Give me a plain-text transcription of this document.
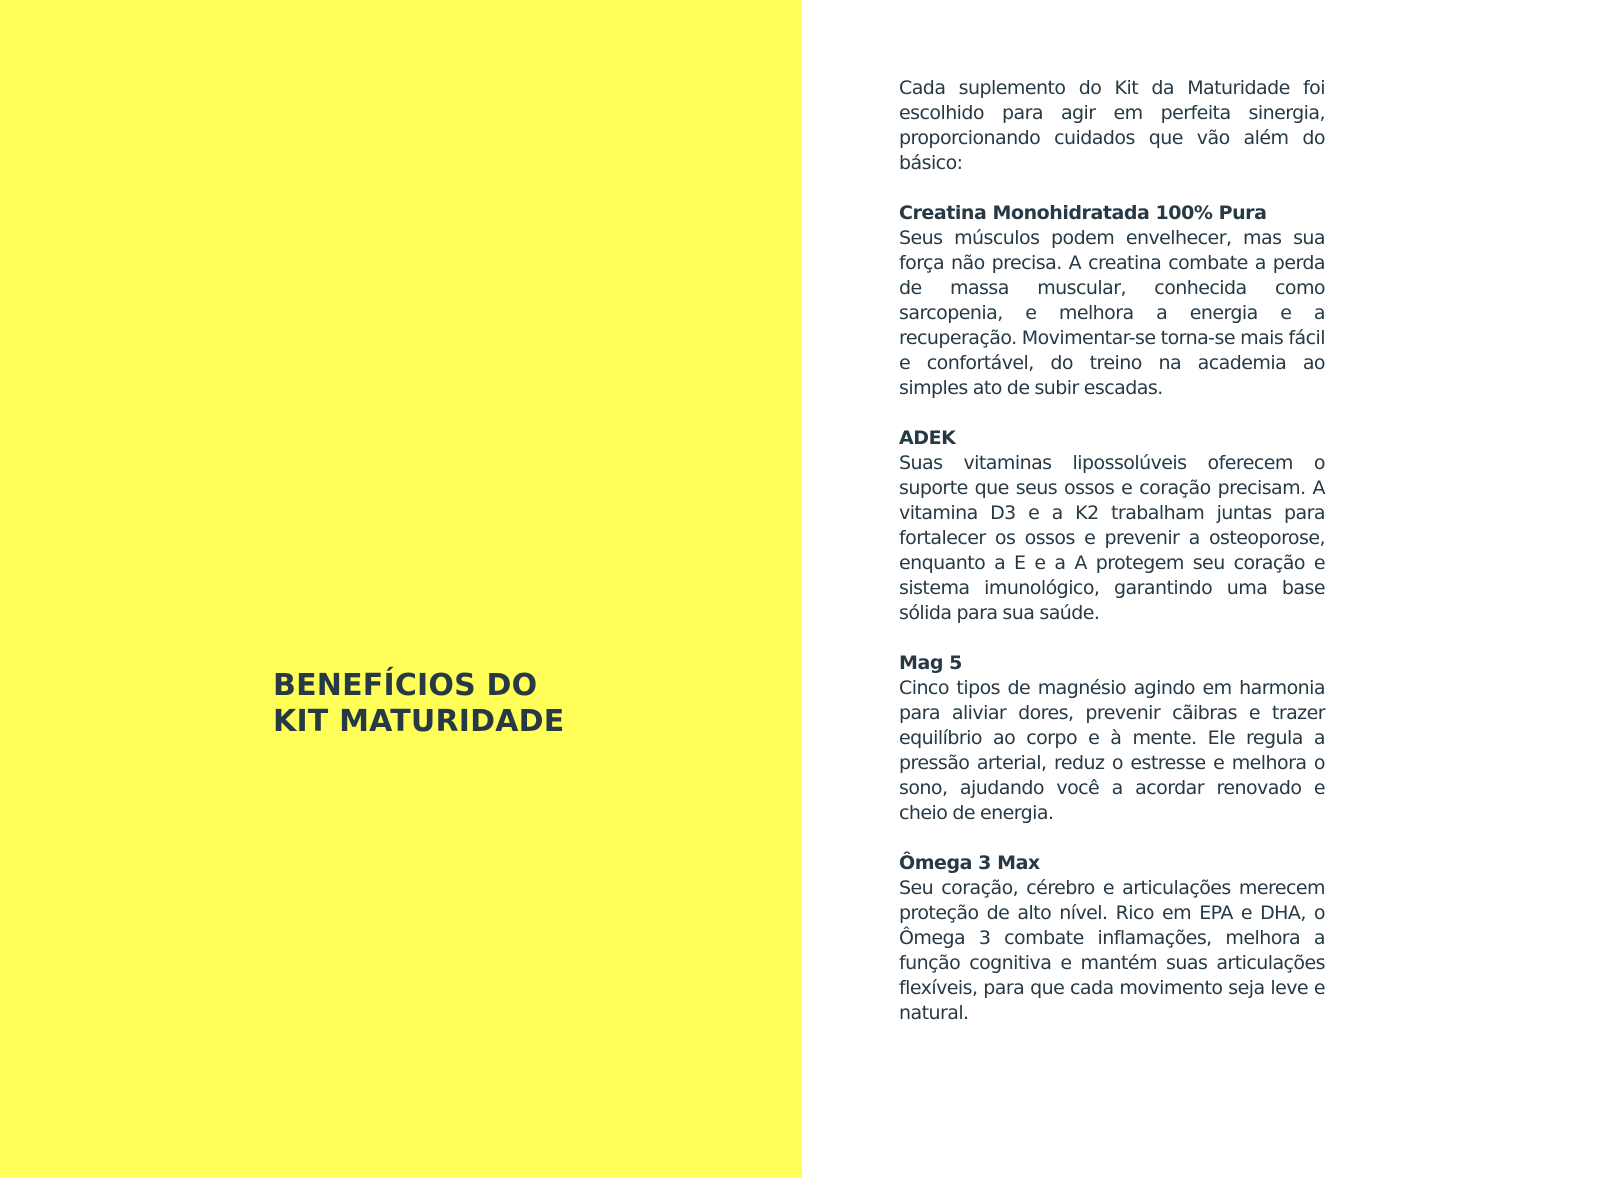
BENEFÍCIOS DO
KIT MATURIDADE

Cada suplemento do Kit da Maturidade foi escolhido para agir em perfeita sinergia, proporcionando cuidados que vão além do básico:

Creatina Monohidratada 100% Pura

Seus músculos podem envelhecer, mas sua força não precisa. A creatina combate a perda de massa muscular, conhecida como sarcopenia, e melhora a energia e a recuperação. Movimentar-se torna-se mais fácil e confortável, do treino na academia ao simples ato de subir escadas.

ADEK

Suas vitaminas lipossolúveis oferecem o suporte que seus ossos e coração precisam. A vitamina D3 e a K2 trabalham juntas para fortalecer os ossos e prevenir a osteoporose, enquanto a E e a A protegem seu coração e sistema imunológico, garantindo uma base sólida para sua saúde.

Mag 5

Cinco tipos de magnésio agindo em harmonia para aliviar dores, prevenir cãibras e trazer equilíbrio ao corpo e à mente. Ele regula a pressão arterial, reduz o estresse e melhora o sono, ajudando você a acordar renovado e cheio de energia.

Ômega 3 Max

Seu coração, cérebro e articulações merecem proteção de alto nível. Rico em EPA e DHA, o Ômega 3 combate inflamações, melhora a função cognitiva e mantém suas articulações flexíveis, para que cada movimento seja leve e natural.
